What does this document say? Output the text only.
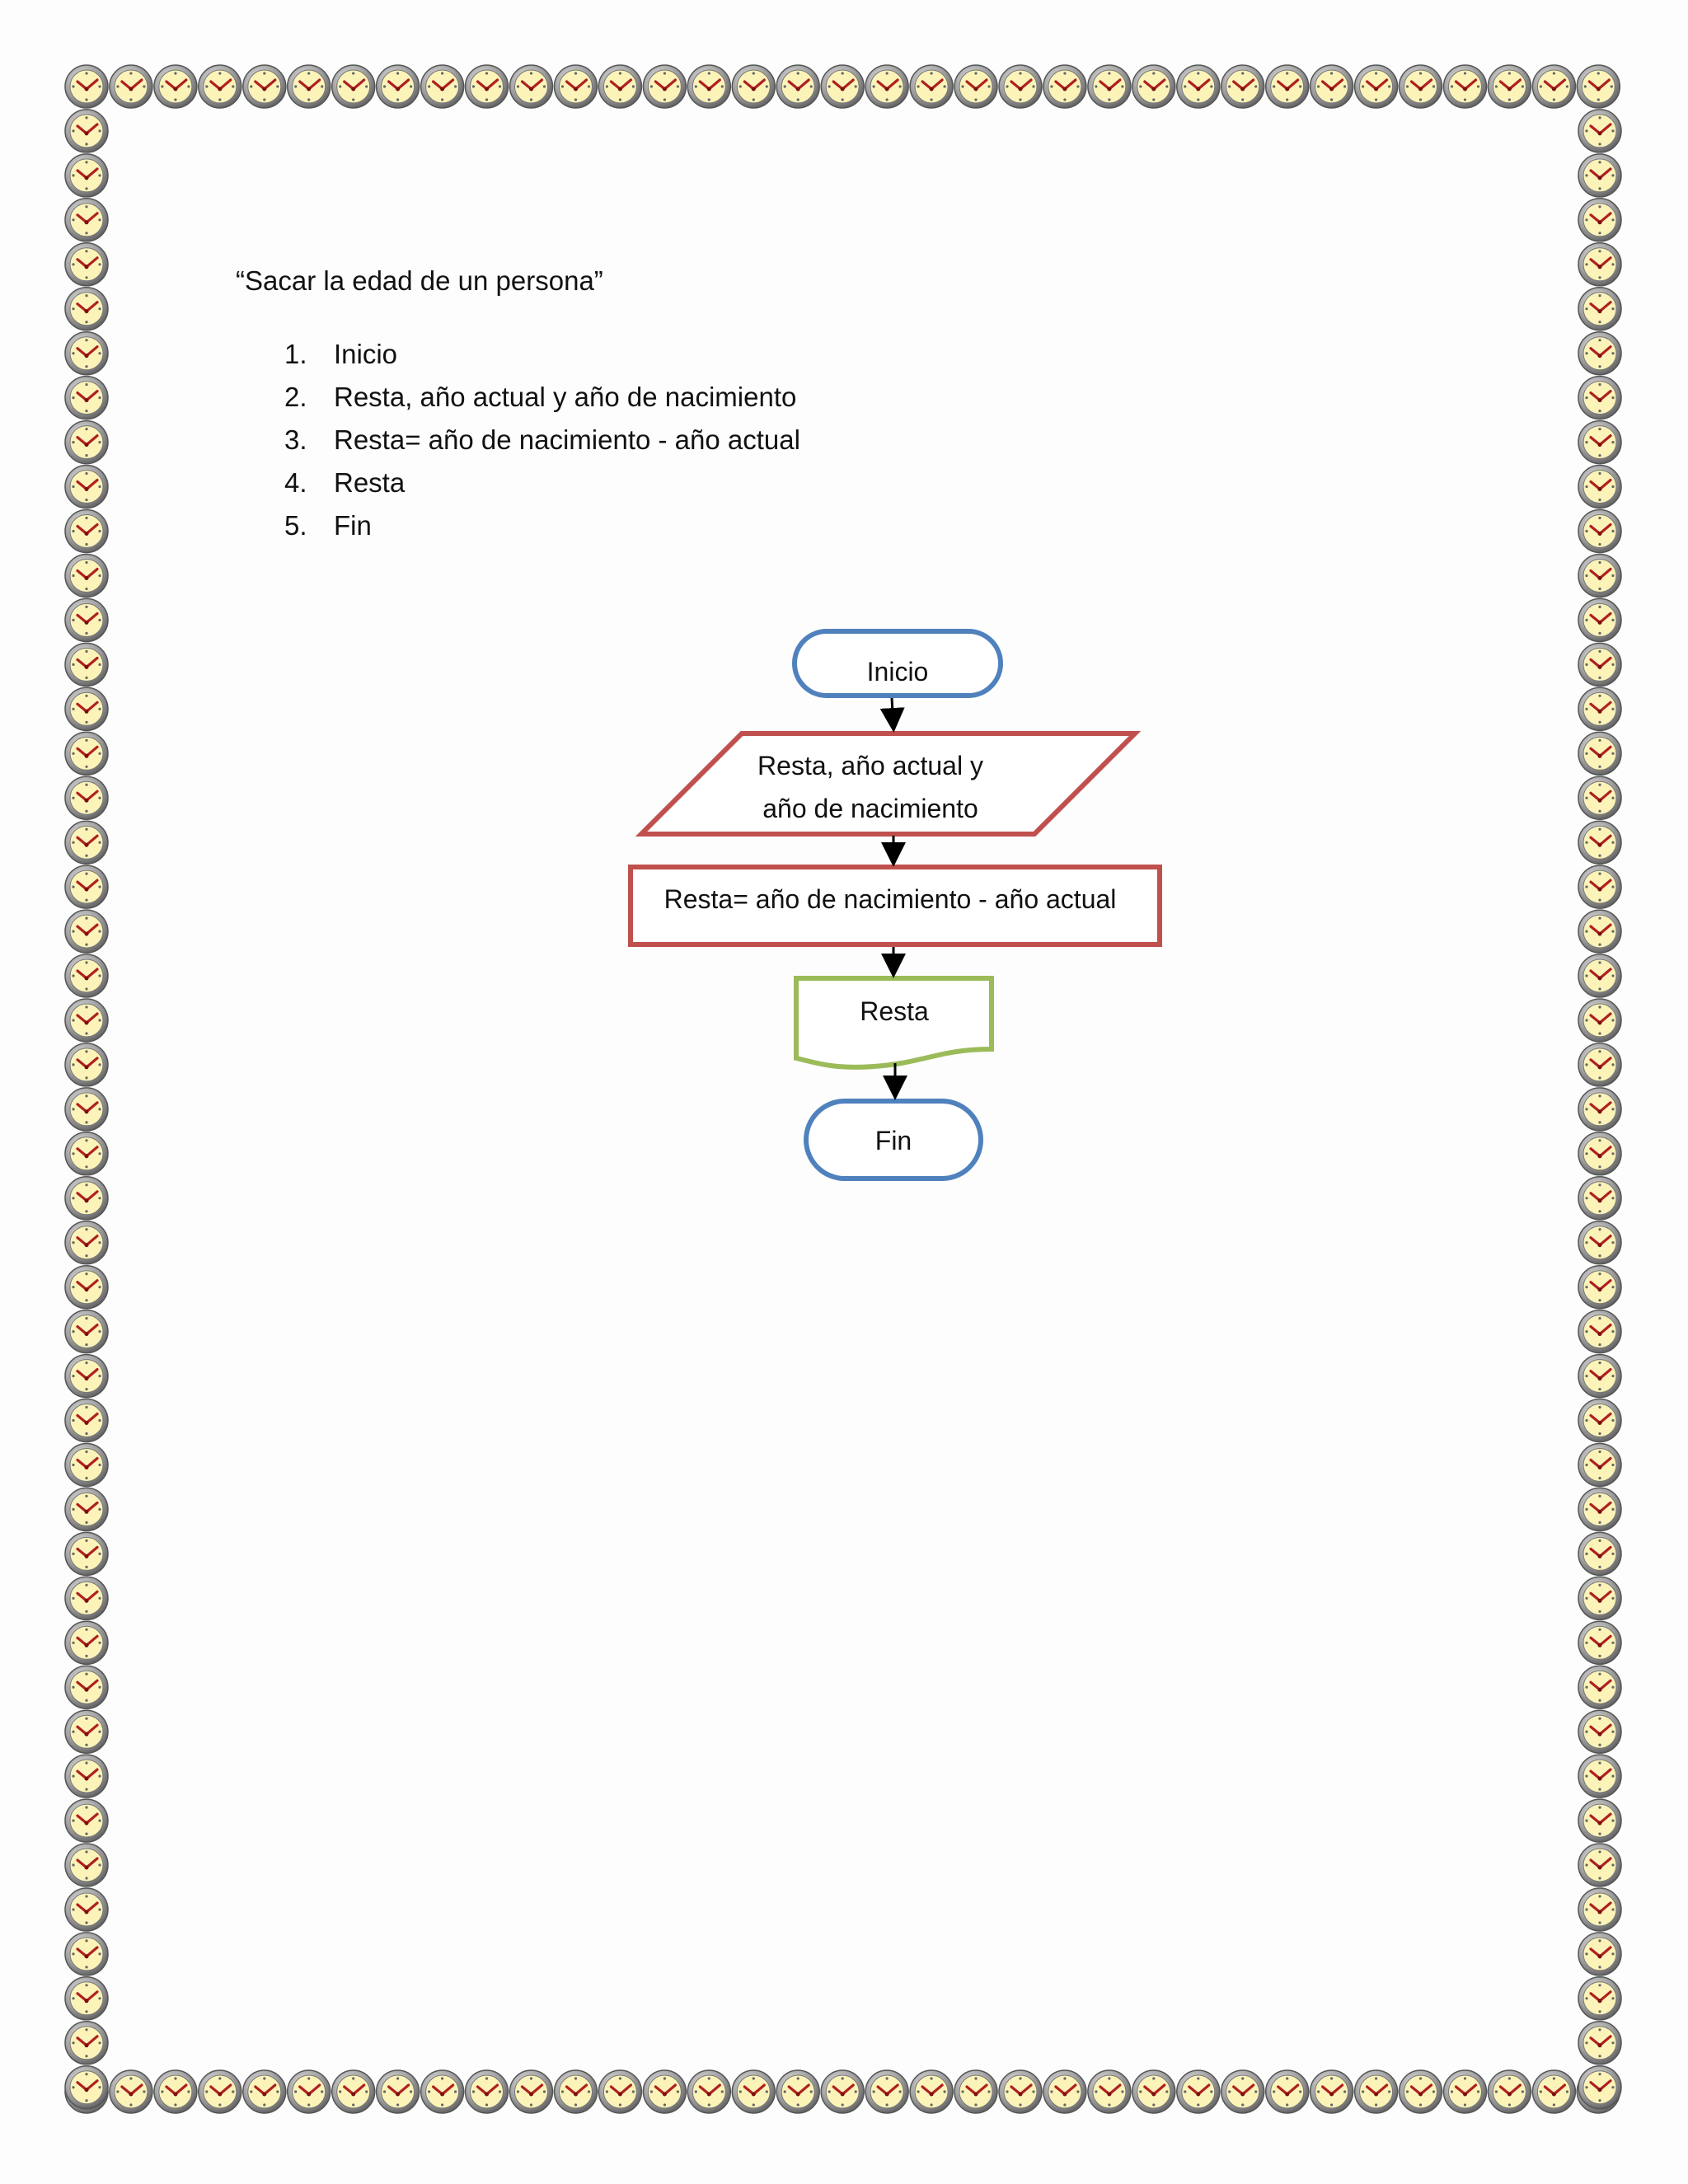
“Sacar la edad de un persona”
1. Inicio
2. Resta, año actual y año de nacimiento
3. Resta= año de nacimiento - año actual
4. Resta
5. Fin
Inicio
Resta, año actual y
año de nacimiento
Resta= año de nacimiento - año actual
Resta
Fin
